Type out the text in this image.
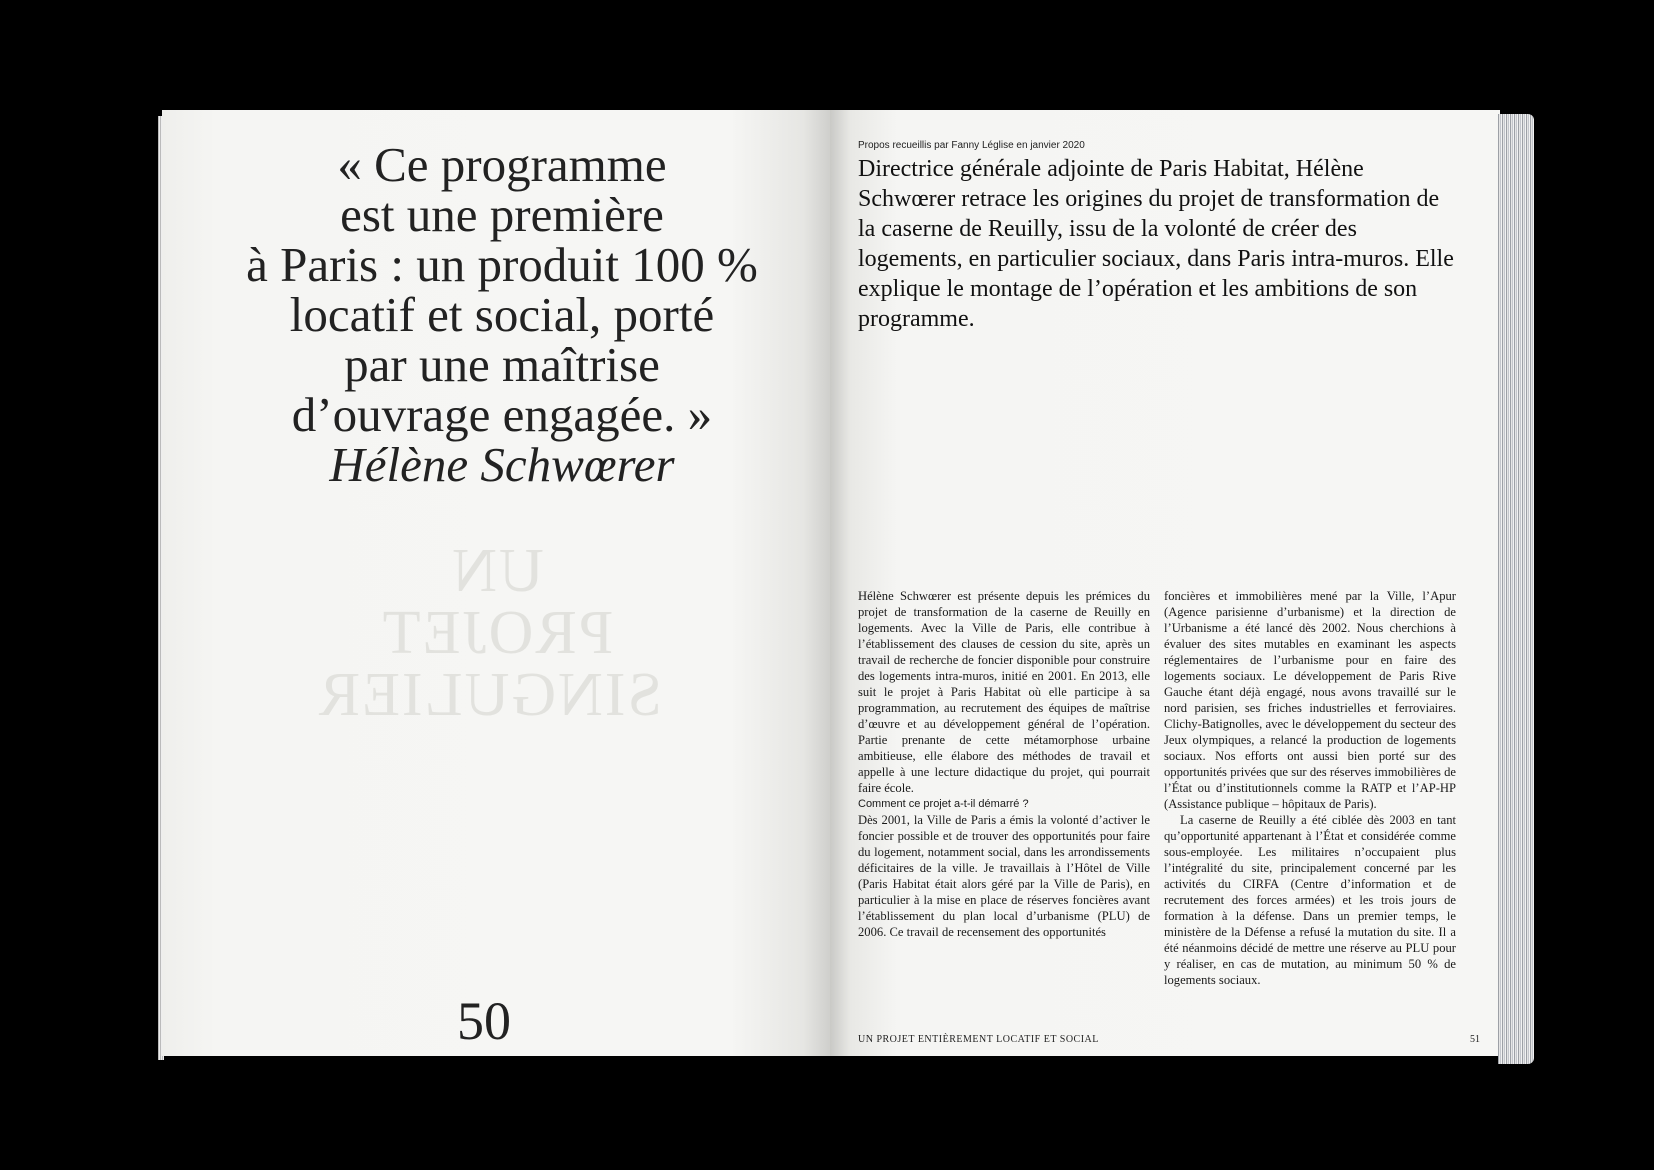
UN PROJET
SINGULIER
« Ce programme
est une première
à Paris : un produit 100 %
locatif et social, porté
par une maîtrise
d’ouvrage engagée. »
Hélène Schwœrer
50
Propos recueillis par Fanny Léglise en janvier 2020
Directrice générale adjointe de Paris Habitat, Hélène Schwœrer retrace les origines du projet de transformation de la caserne de Reuilly, issu de la volonté de créer des logements, en particulier sociaux, dans Paris intra-muros. Elle explique le montage de l’opération et les ambitions de son programme.

Hélène Schwœrer est présente depuis les prémices du projet de transformation de la caserne de Reuilly en logements. Avec la Ville de Paris, elle contribue à l’établissement des clauses de cession du site, après un travail de recherche de foncier disponible pour construire des logements intra-muros, initié en 2001. En 2013, elle suit le projet à Paris Habitat où elle participe à sa programmation, au recrutement des équipes de maîtrise d’œuvre et au développement général de l’opération. Partie prenante de cette métamorphose urbaine ambitieuse, elle élabore des méthodes de travail et appelle à une lecture didactique du projet, qui pourrait faire école.

Comment ce projet a-t-il démarré ?

Dès 2001, la Ville de Paris a émis la volonté d’activer le foncier possible et de trouver des opportunités pour faire du logement, notamment social, dans les arrondissements déficitaires de la ville. Je travaillais à l’Hôtel de Ville (Paris Habitat était alors géré par la Ville de Paris), en particulier à la mise en place de réserves foncières avant l’établissement du plan local d’urbanisme (PLU) de 2006. Ce travail de recensement des opportunités

foncières et immobilières mené par la Ville, l’Apur (Agence parisienne d’urbanisme) et la direction de l’Urbanisme a été lancé dès 2002. Nous cherchions à évaluer des sites mutables en examinant les aspects réglementaires de l’urbanisme pour en faire des logements sociaux. Le développement de Paris Rive Gauche étant déjà engagé, nous avons travaillé sur le nord parisien, ses friches industrielles et ferroviaires. Clichy-Batignolles, avec le développement du secteur des Jeux olympiques, a relancé la production de logements sociaux. Nos efforts ont aussi bien porté sur des opportunités privées que sur des réserves immobilières de l’État ou d’institutionnels comme la RATP et l’AP-HP (Assistance publique – hôpitaux de Paris).

La caserne de Reuilly a été ciblée dès 2003 en tant qu’opportunité appartenant à l’État et considérée comme sous-employée. Les militaires n’occupaient plus l’intégralité du site, principalement concerné par les activités du CIRFA (Centre d’information et de recrutement des forces armées) et les trois jours de formation à la défense. Dans un premier temps, le ministère de la Défense a refusé la mutation du site. Il a été néanmoins décidé de mettre une réserve au PLU pour y réaliser, en cas de mutation, au minimum 50 % de logements sociaux.

UN PROJET ENTIÈREMENT LOCATIF ET SOCIAL	51
